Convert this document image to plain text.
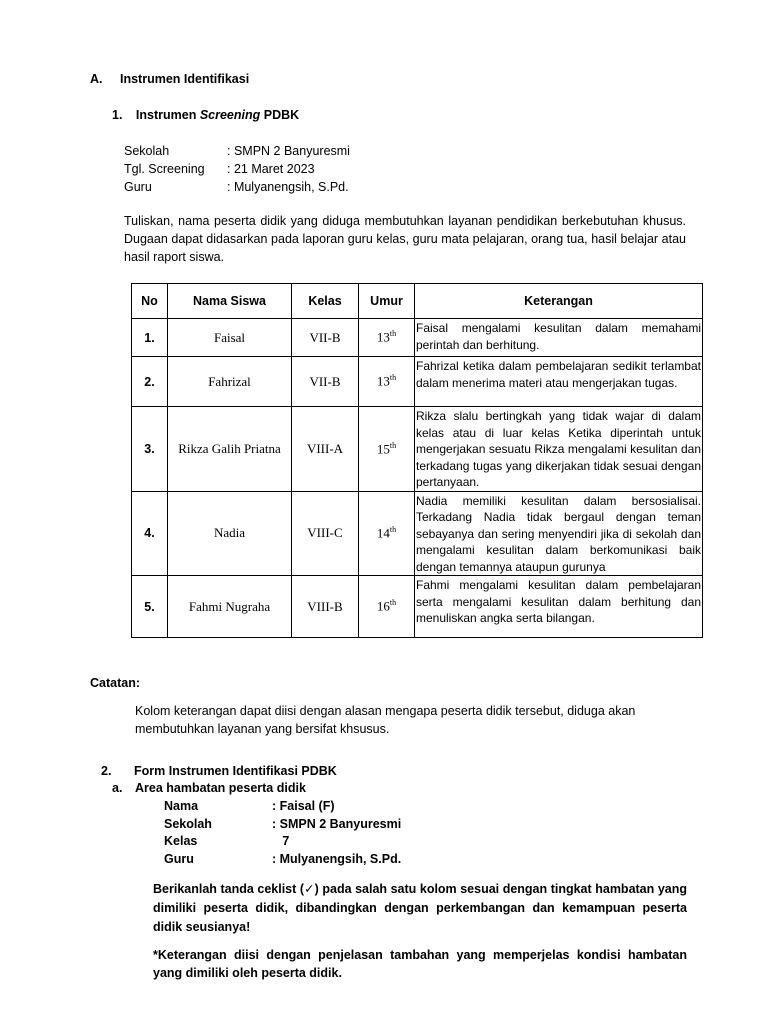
A. Instrumen Identifikasi
1. Instrumen Screening PDBK
Sekolah	: SMPN 2 Banyuresmi
Tgl. Screening : 21 Maret 2023
Guru	: Mulyanengsih, S.Pd.
Tuliskan, nama peserta didik yang diduga membutuhkan layanan pendidikan berkebutuhan khusus. Dugaan dapat didasarkan pada laporan guru kelas, guru mata pelajaran, orang tua, hasil belajar atau hasil raport siswa.
No	Nama Siswa	Kelas	Umur	Keterangan
1.	Faisal	VII-B	13th	Faisal mengalami kesulitan dalam memahami perintah dan berhitung.
2.	Fahrizal	VII-B	13th	Fahrizal ketika dalam pembelajaran sedikit terlambat dalam menerima materi atau mengerjakan tugas.
3.	Rikza Galih Priatna	VIII-A	15th	Rikza slalu bertingkah yang tidak wajar di dalam kelas atau di luar kelas Ketika diperintah untuk mengerjakan sesuatu Rikza mengalami kesulitan dan terkadang tugas yang dikerjakan tidak sesuai dengan pertanyaan.
4.	Nadia	VIII-C	14th	Nadia memiliki kesulitan dalam bersosialisai. Terkadang Nadia tidak bergaul dengan teman sebayanya dan sering menyendiri jika di sekolah dan mengalami kesulitan dalam berkomunikasi baik dengan temannya ataupun gurunya
5.	Fahmi Nugraha	VIII-B	16th	Fahmi mengalami kesulitan dalam pembelajaran serta mengalami kesulitan dalam berhitung dan menuliskan angka serta bilangan.
Catatan:
Kolom keterangan dapat diisi dengan alasan mengapa peserta didik tersebut, diduga akan membutuhkan layanan yang bersifat khsusus.
2. Form Instrumen Identifikasi PDBK
a. Area hambatan peserta didik
Nama	: Faisal (F)
Sekolah	: SMPN 2 Banyuresmi
Kelas	7
Guru	: Mulyanengsih, S.Pd.
Berikanlah tanda ceklist (✓) pada salah satu kolom sesuai dengan tingkat hambatan yang dimiliki peserta didik, dibandingkan dengan perkembangan dan kemampuan peserta didik seusianya!
*Keterangan diisi dengan penjelasan tambahan yang memperjelas kondisi hambatan yang dimiliki oleh peserta didik.
